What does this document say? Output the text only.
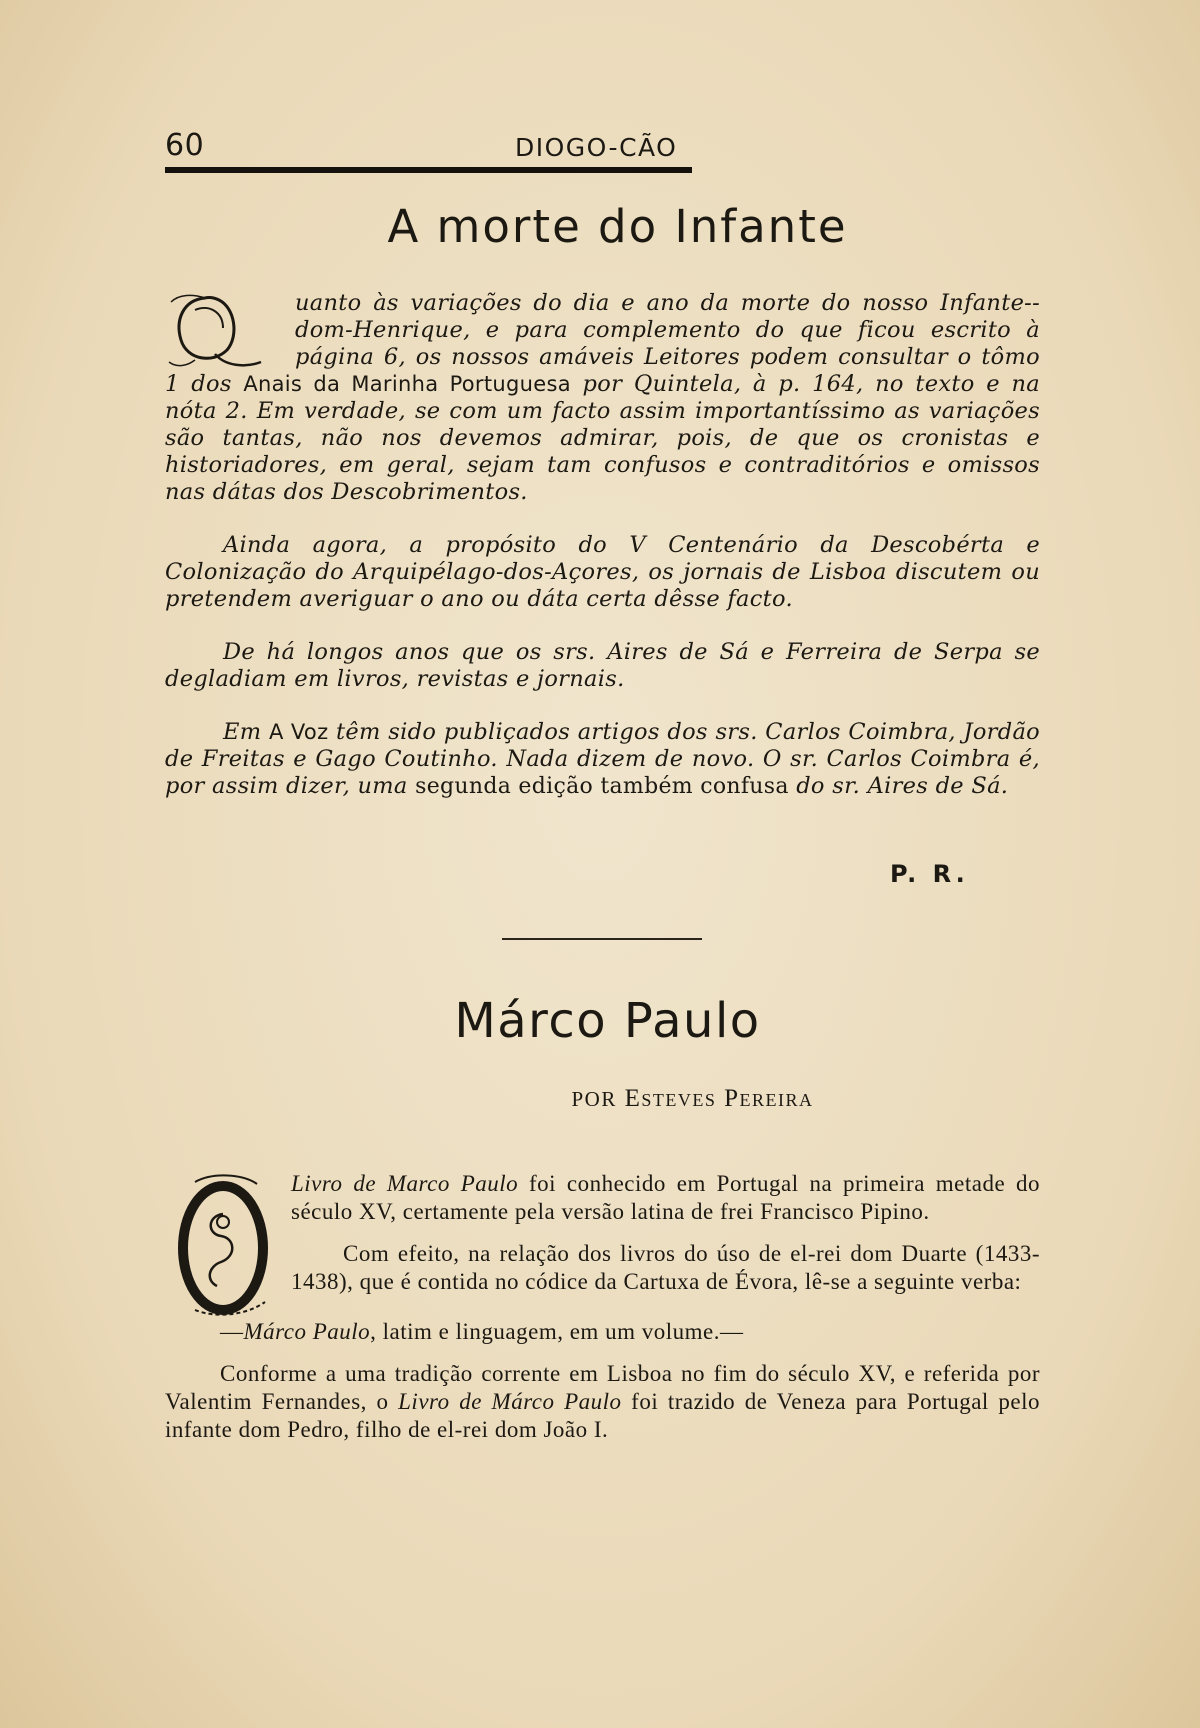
60	DIOGO-CÃO
A morte do Infante

uanto às variações do dia e ano da morte do nosso Infante--dom-Henrique, e para complemento do que ficou escrito à página 6, os nossos amáveis Leitores podem consultar o tômo 1 dos Anais da Marinha Portuguesa por Quintela, à p. 164, no texto e na nóta 2. Em verdade, se com um facto assim importantíssimo as variações são tantas, não nos devemos admirar, pois, de que os cronistas e historiadores, em geral, sejam tam confusos e contraditórios e omissos nas dátas dos Descobrimentos.

Ainda agora, a propósito do V Centenário da Descobérta e Colonização do Arquipélago-dos-Açores, os jornais de Lisboa discutem ou pretendem averiguar o ano ou dáta certa dêsse facto.

De há longos anos que os srs. Aires de Sá e Ferreira de Serpa se degladiam em livros, revistas e jornais.

Em A Voz têm sido publiçados artigos dos srs. Carlos Coimbra, Jordão de Freitas e Gago Coutinho. Nada dizem de novo. O sr. Carlos Coimbra é, por assim dizer, uma segunda edição também confusa do sr. Aires de Sá.

P. R.
Márco Paulo
POR Esteves Pereira

Livro de Marco Paulo foi conhecido em Portugal na primeira metade do século XV, certamente pela versão latina de frei Francisco Pipino.

Com efeito, na relação dos livros do úso de el-rei dom Duarte (1433-1438), que é contida no códice da Cartuxa de Évora, lê-se a seguinte verba:

—Márco Paulo, latim e linguagem, em um volume.—

Conforme a uma tradição corrente em Lisboa no fim do século XV, e referida por Valentim Fernandes, o Livro de Márco Paulo foi trazido de Veneza para Portugal pelo infante dom Pedro, filho de el-rei dom João I.
